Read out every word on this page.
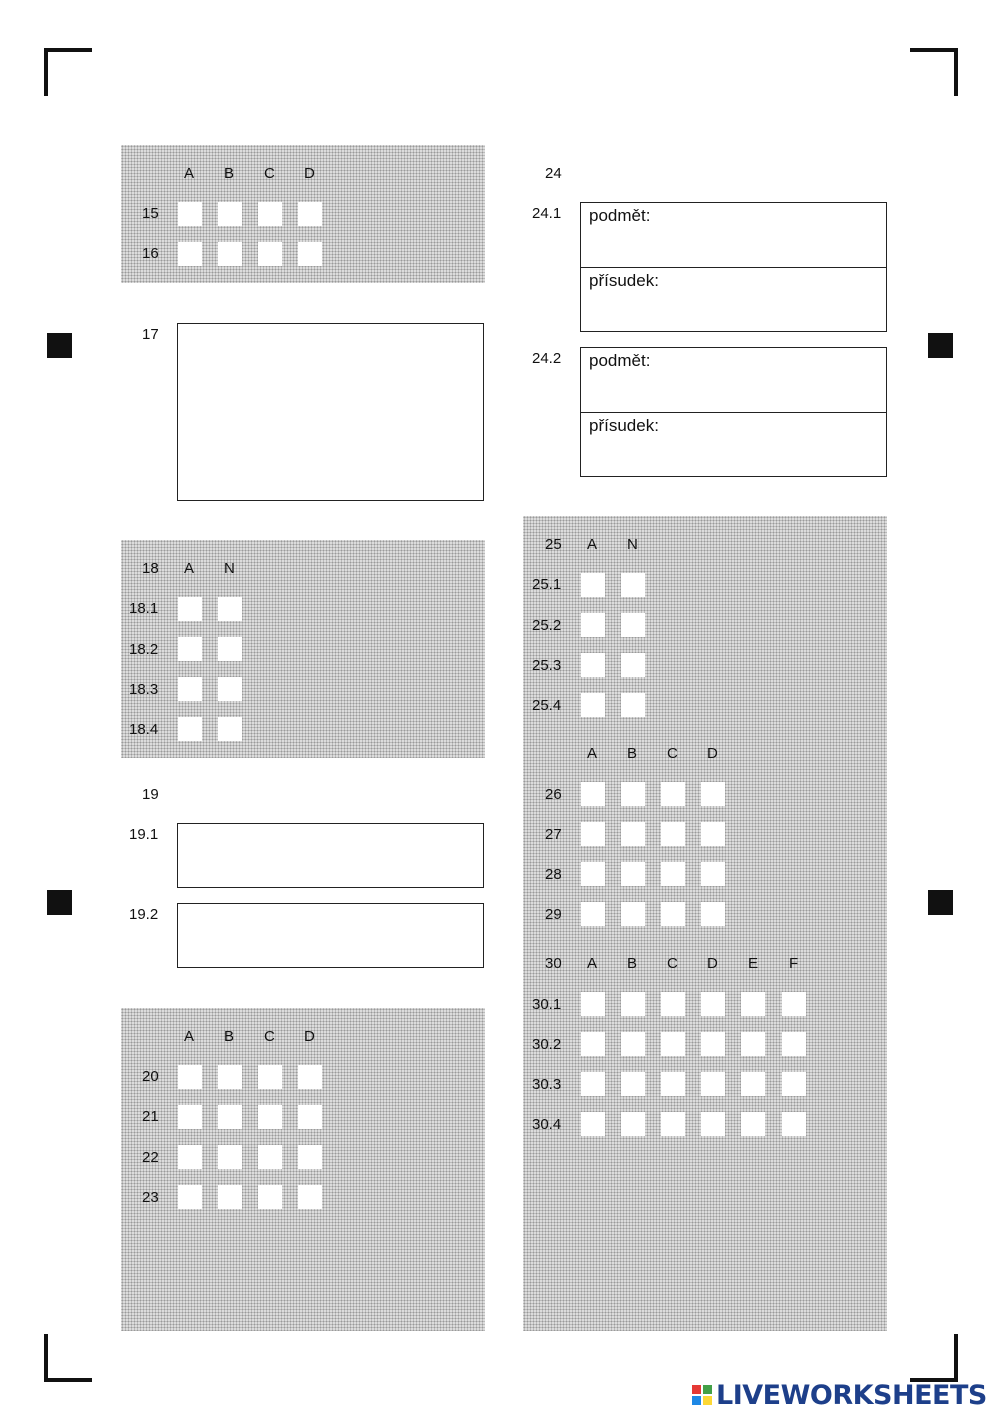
A B C D
15
16
17
18 A N
18.1
18.2
18.3
18.4
19
19.1
19.2
A B C D
20
21
22
23
24
24.1 podmět:
přísudek:
24.2 podmět:
přísudek:
25 A N
25.1
25.2
25.3
25.4
A B C D
26
27
28
29
30 A B C D E F
30.1
30.2
30.3
30.4
LIVEWORKSHEETS
